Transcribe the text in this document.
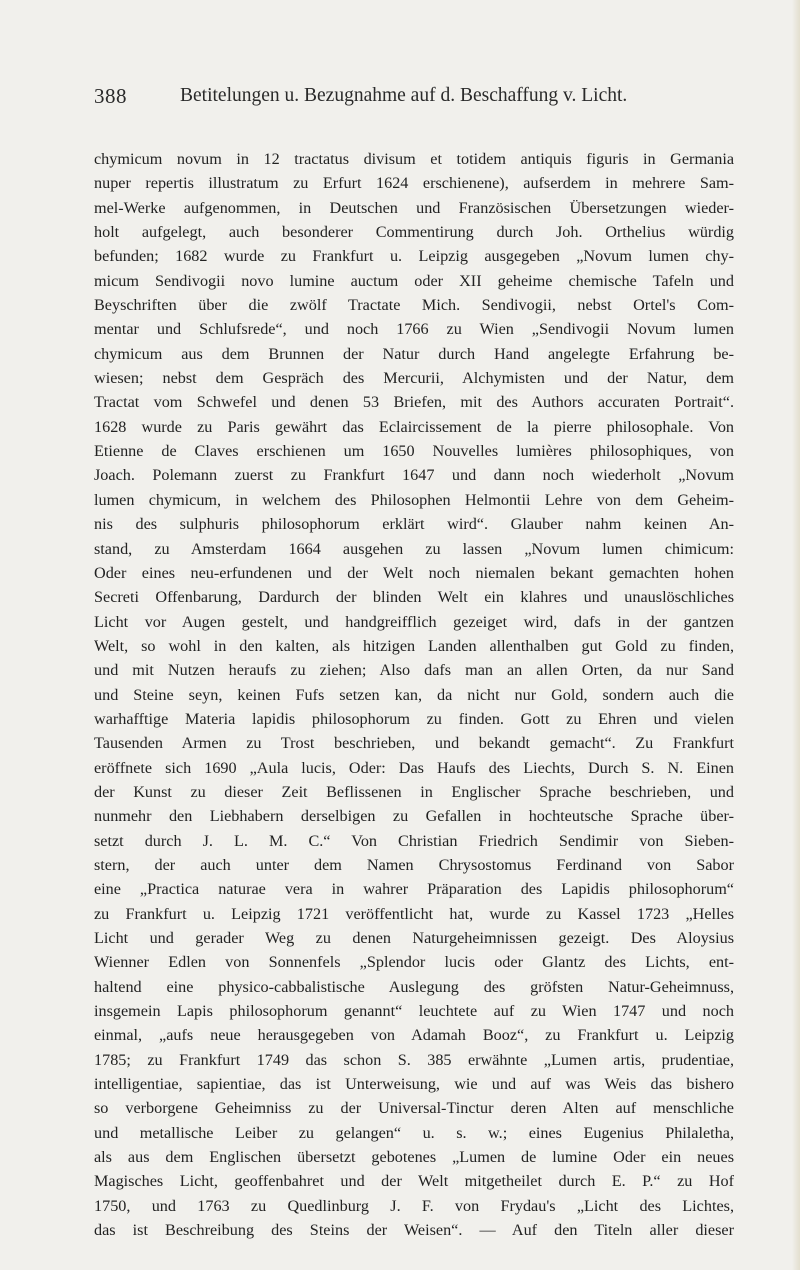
388	Betitelungen u. Bezugnahme auf d. Beschaffung v. Licht.
chymicum novum in 12 tractatus divisum et totidem antiquis figuris in Germania
nuper repertis illustratum zu Erfurt 1624 erschienene), aufserdem in mehrere Sam-
mel-Werke aufgenommen, in Deutschen und Französischen Übersetzungen wieder-
holt aufgelegt, auch besonderer Commentirung durch Joh. Orthelius würdig
befunden; 1682 wurde zu Frankfurt u. Leipzig ausgegeben „Novum lumen chy-
micum Sendivogii novo lumine auctum oder XII geheime chemische Tafeln und
Beyschriften über die zwölf Tractate Mich. Sendivogii, nebst Ortel's Com-
mentar und Schlufsrede“, und noch 1766 zu Wien „Sendivogii Novum lumen
chymicum aus dem Brunnen der Natur durch Hand angelegte Erfahrung be-
wiesen; nebst dem Gespräch des Mercurii, Alchymisten und der Natur, dem
Tractat vom Schwefel und denen 53 Briefen, mit des Authors accuraten Portrait“.
1628 wurde zu Paris gewährt das Eclaircissement de la pierre philosophale. Von
Etienne de Claves erschienen um 1650 Nouvelles lumières philosophiques, von
Joach. Polemann zuerst zu Frankfurt 1647 und dann noch wiederholt „Novum
lumen chymicum, in welchem des Philosophen Helmontii Lehre von dem Geheim-
nis des sulphuris philosophorum erklärt wird“. Glauber nahm keinen An-
stand, zu Amsterdam 1664 ausgehen zu lassen „Novum lumen chimicum:
Oder eines neu-erfundenen und der Welt noch niemalen bekant gemachten hohen
Secreti Offenbarung, Dardurch der blinden Welt ein klahres und unauslöschliches
Licht vor Augen gestelt, und handgreifflich gezeiget wird, dafs in der gantzen
Welt, so wohl in den kalten, als hitzigen Landen allenthalben gut Gold zu finden,
und mit Nutzen heraufs zu ziehen; Also dafs man an allen Orten, da nur Sand
und Steine seyn, keinen Fufs setzen kan, da nicht nur Gold, sondern auch die
warhafftige Materia lapidis philosophorum zu finden. Gott zu Ehren und vielen
Tausenden Armen zu Trost beschrieben, und bekandt gemacht“. Zu Frankfurt
eröffnete sich 1690 „Aula lucis, Oder: Das Haufs des Liechts, Durch S. N. Einen
der Kunst zu dieser Zeit Beflissenen in Englischer Sprache beschrieben, und
nunmehr den Liebhabern derselbigen zu Gefallen in hochteutsche Sprache über-
setzt durch J. L. M. C.“ Von Christian Friedrich Sendimir von Sieben-
stern, der auch unter dem Namen Chrysostomus Ferdinand von Sabor
eine „Practica naturae vera in wahrer Präparation des Lapidis philosophorum“
zu Frankfurt u. Leipzig 1721 veröffentlicht hat, wurde zu Kassel 1723 „Helles
Licht und gerader Weg zu denen Naturgeheimnissen gezeigt. Des Aloysius
Wienner Edlen von Sonnenfels „Splendor lucis oder Glantz des Lichts, ent-
haltend eine physico-cabbalistische Auslegung des gröfsten Natur-Geheimnuss,
insgemein Lapis philosophorum genannt“ leuchtete auf zu Wien 1747 und noch
einmal, „aufs neue herausgegeben von Adamah Booz“, zu Frankfurt u. Leipzig
1785; zu Frankfurt 1749 das schon S. 385 erwähnte „Lumen artis, prudentiae,
intelligentiae, sapientiae, das ist Unterweisung, wie und auf was Weis das bishero
so verborgene Geheimniss zu der Universal-Tinctur deren Alten auf menschliche
und metallische Leiber zu gelangen“ u. s. w.; eines Eugenius Philaletha,
als aus dem Englischen übersetzt gebotenes „Lumen de lumine Oder ein neues
Magisches Licht, geoffenbahret und der Welt mitgetheilet durch E. P.“ zu Hof
1750, und 1763 zu Quedlinburg J. F. von Frydau's „Licht des Lichtes,
das ist Beschreibung des Steins der Weisen“. — Auf den Titeln aller dieser
